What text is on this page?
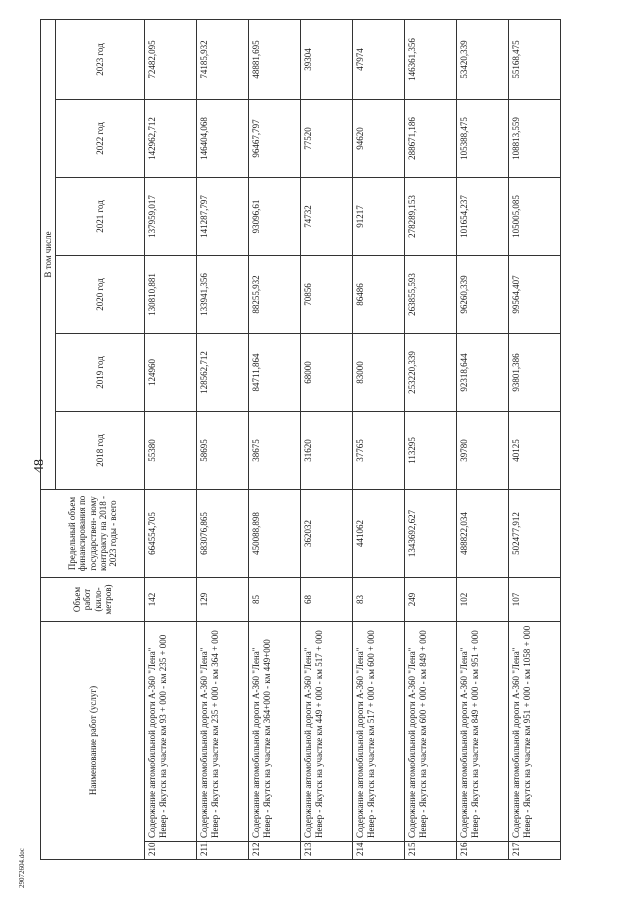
48
29072604.doc
Наименование работ (услуг)		Объем работ (кило- метров)	Предельный объем финансирования по государствен- ному контракту на 2018 - 2023 годы - всего	В том числе					
				2018 год	2019 год	2020 год	2021 год	2022 год	2023 год
210.	Содержание автомобильной дороги А-360 "Лена" Невер - Якутск на участке км 93 + 000 - км 235 + 000	142	664554,705	55380	124960	130810,881	137959,017	142962,712	72482,095
211.	Содержание автомобильной дороги А-360 "Лена" Невер - Якутск на участке км 235 + 000 - км 364 + 000	129	683076,865	58695	128562,712	133941,356	141287,797	146404,068	74185,932
212.	Содержание автомобильной дороги А-360 "Лена" Невер - Якутск на участке км 364+000 - км 449+000	85	450088,898	38675	84711,864	88255,932	93096,61	96467,797	48881,695
213.	Содержание автомобильной дороги А-360 "Лена" Невер - Якутск на участке км 449 + 000 - км 517 + 000	68	362032	31620	68000	70856	74732	77520	39304
214.	Содержание автомобильной дороги А-360 "Лена" Невер - Якутск на участке км 517 + 000 - км 600 + 000	83	441062	37765	83000	86486	91217	94620	47974
215.	Содержание автомобильной дороги А-360 "Лена" Невер - Якутск на участке км 600 + 000 - км 849 + 000	249	1343692,627	113295	253220,339	263855,593	278289,153	288671,186	146361,356
216.	Содержание автомобильной дороги А-360 "Лена" Невер - Якутск на участке км 849 + 000 - км 951 + 000	102	488822,034	39780	92318,644	96260,339	101654,237	105388,475	53420,339
217.	Содержание автомобильной дороги А-360 "Лена" Невер - Якутск на участке км 951 + 000 - км 1058 + 000	107	502477,912	40125	93801,386	99564,407	105005,085	108813,559	55168,475
